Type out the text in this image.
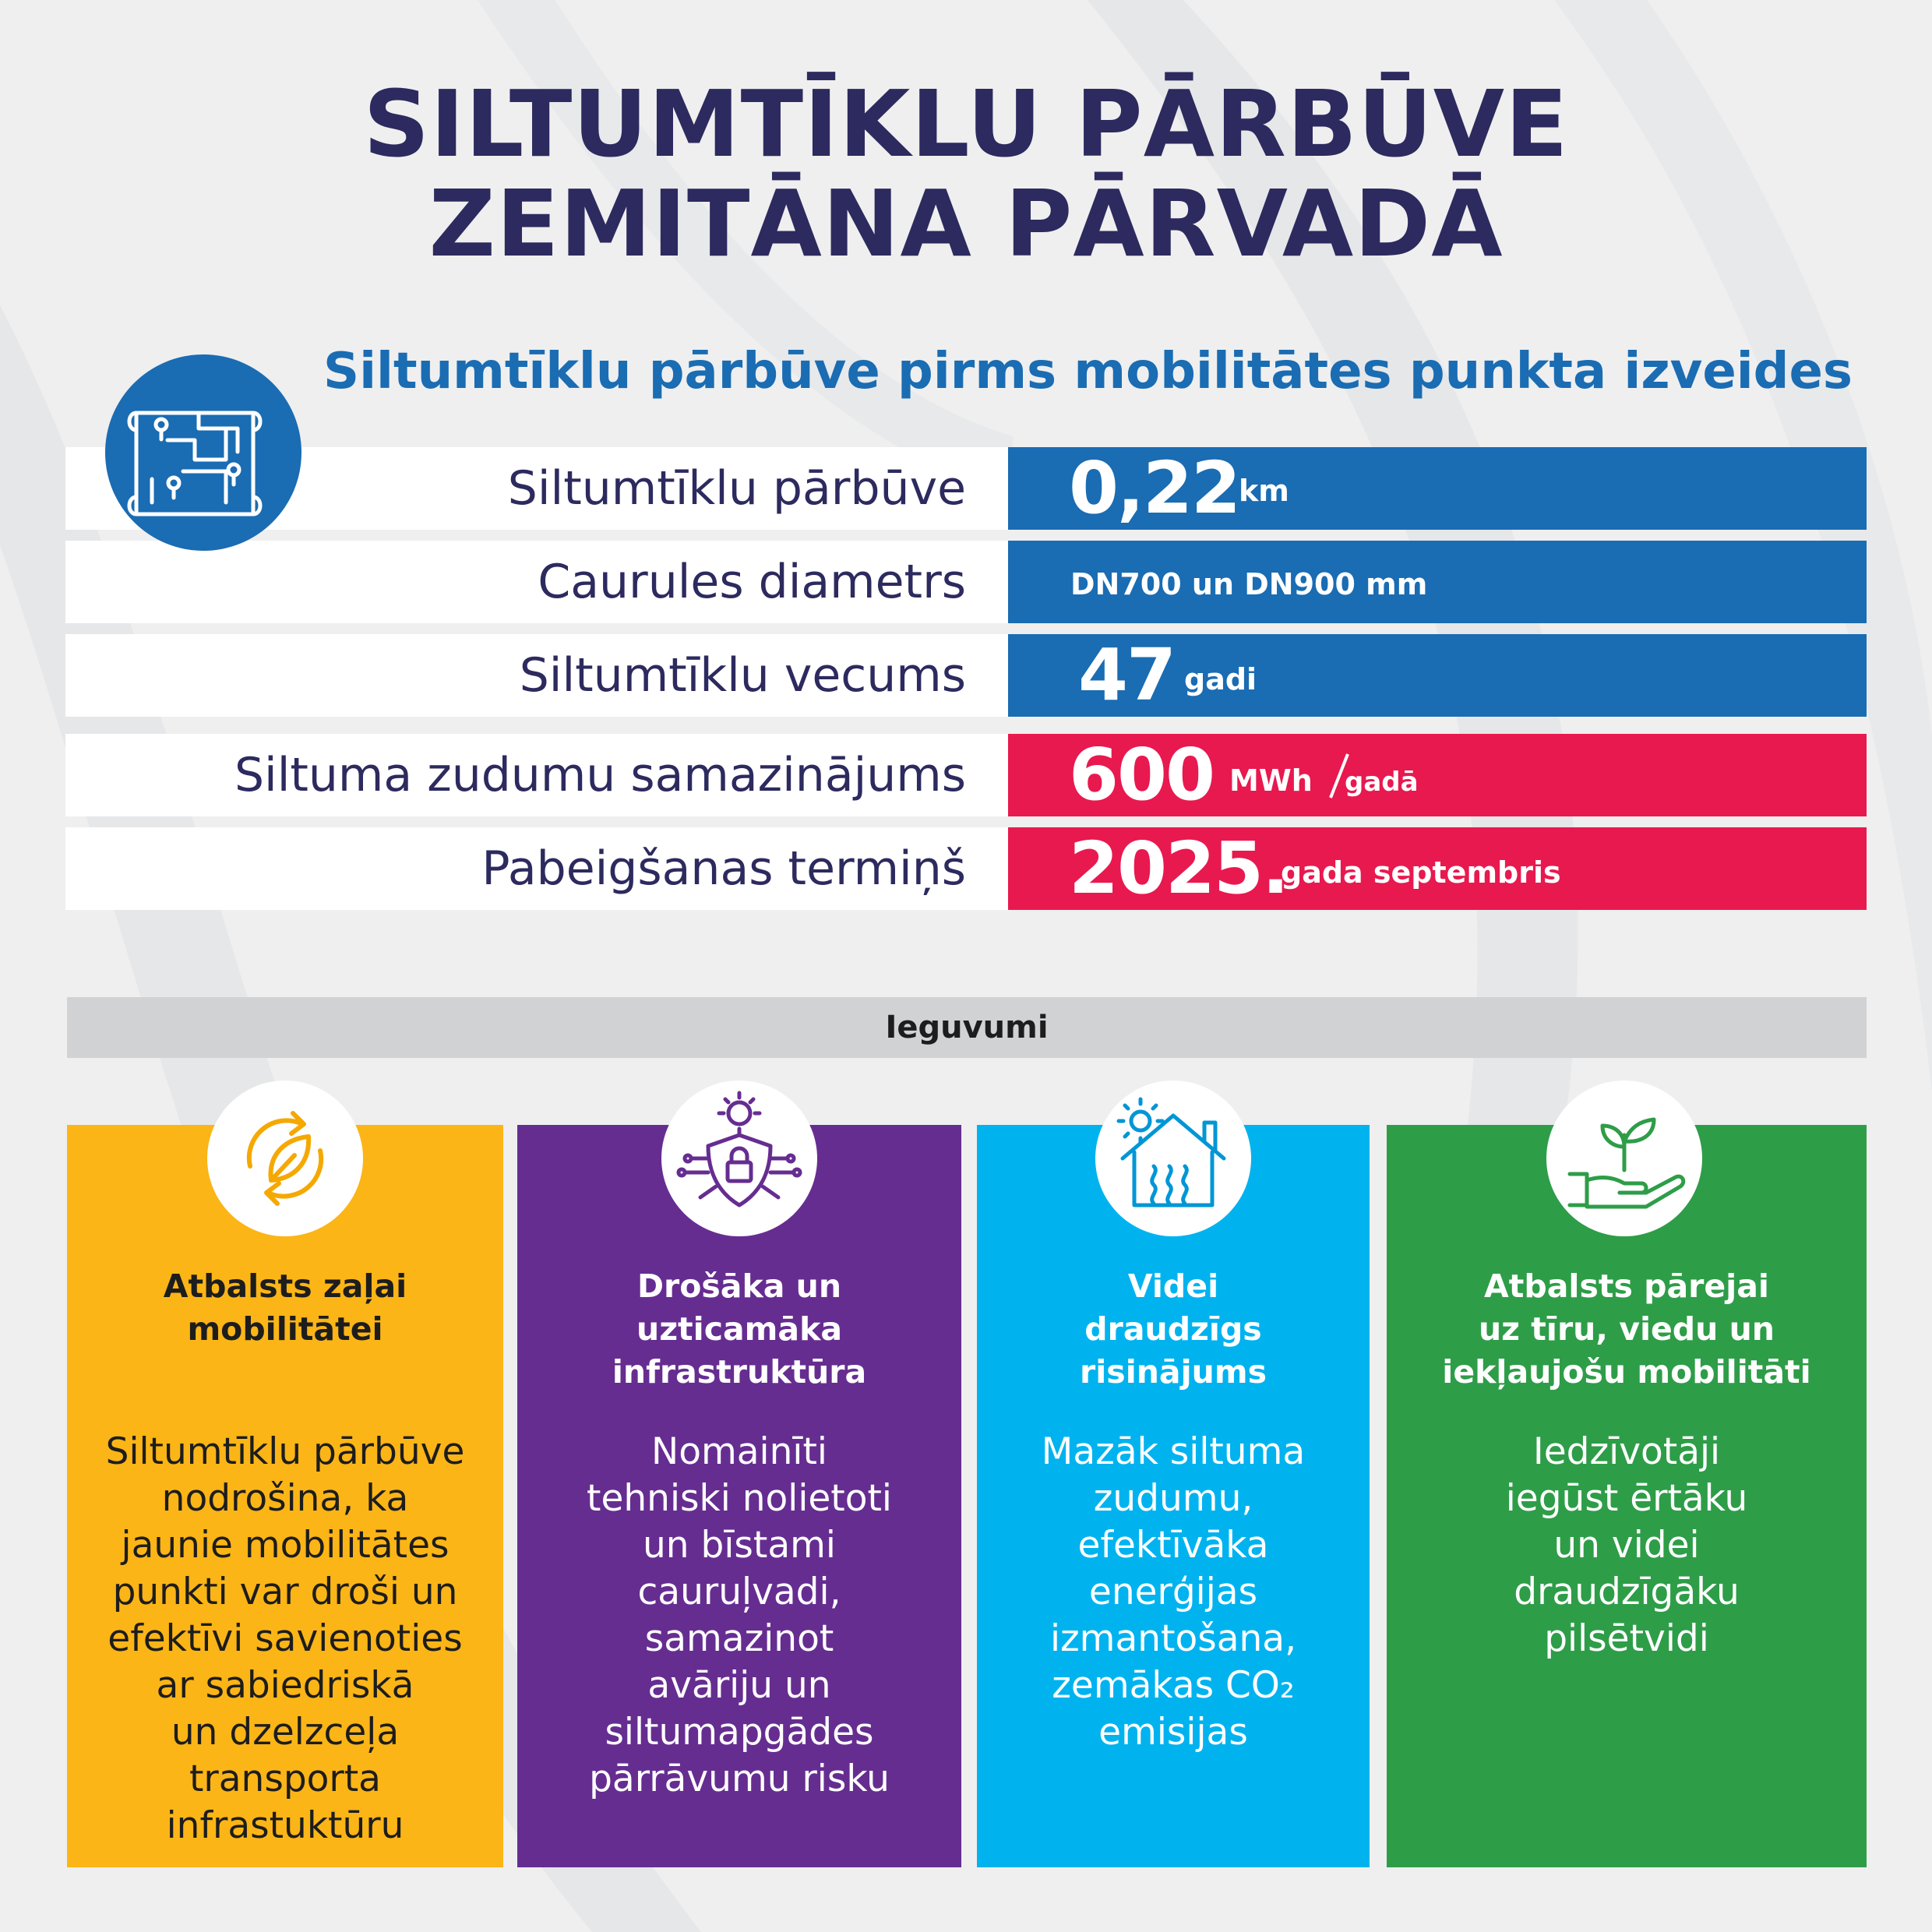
SILTUMTĪKLU PĀRBŪVE
ZEMITĀNA PĀRVADĀ
Siltumtīklu pārbūve pirms mobilitātes punkta izveides
Siltumtīklu pārbūve 0,22 km
Caurules diametrs	DN700 un DN900 mm
Siltumtīklu vecums 47 gadi
Siltuma zudumu samazinājums 600 MWh gadā
Pabeigšanas termiņš 2025.
gada septembris
Ieguvumi
Atbalsts zaļai
mobilitātei
Siltumtīklu pārbūve
nodrošina, ka
jaunie mobilitātes
punkti var droši un
efektīvi savienoties
ar sabiedriskā
un dzelzceļa
transporta
infrastuktūru
Drošāka un
uzticamāka
infrastruktūra
Nomainīti
tehniski nolietoti
un bīstami
cauruļvadi,
samazinot
avāriju un
siltumapgādes
pārrāvumu risku
Videi
draudzīgs
risinājums
Mazāk siltuma
zudumu,
efektīvāka
enerģijas
izmantošana,
zemākas CO₂
emisijas
Atbalsts pārejai
uz tīru, viedu un
iekļaujošu mobilitāti
Iedzīvotāji
iegūst ērtāku
un videi
draudzīgāku
pilsētvidi
